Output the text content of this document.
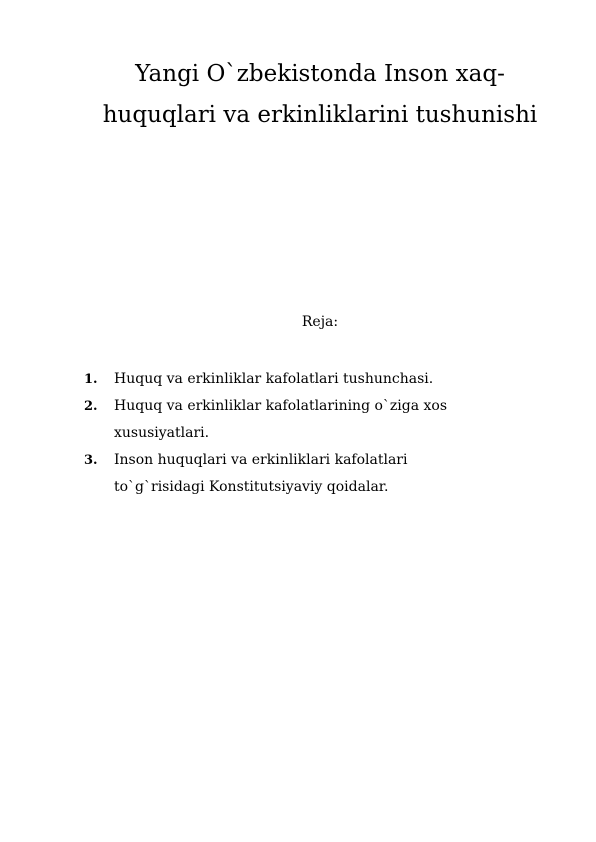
Yangi O`zbekistonda Inson xaq-
huquqlari va erkinliklarini tushunishi

Reja:

1. Huquq va erkinliklar kafolatlari tushunchasi.
2. Huquq va erkinliklar kafolatlarining o`ziga xos
xususiyatlari.
3. Inson huquqlari va erkinliklari kafolatlari
to`g`risidagi Konstitutsiyaviy qoidalar.
